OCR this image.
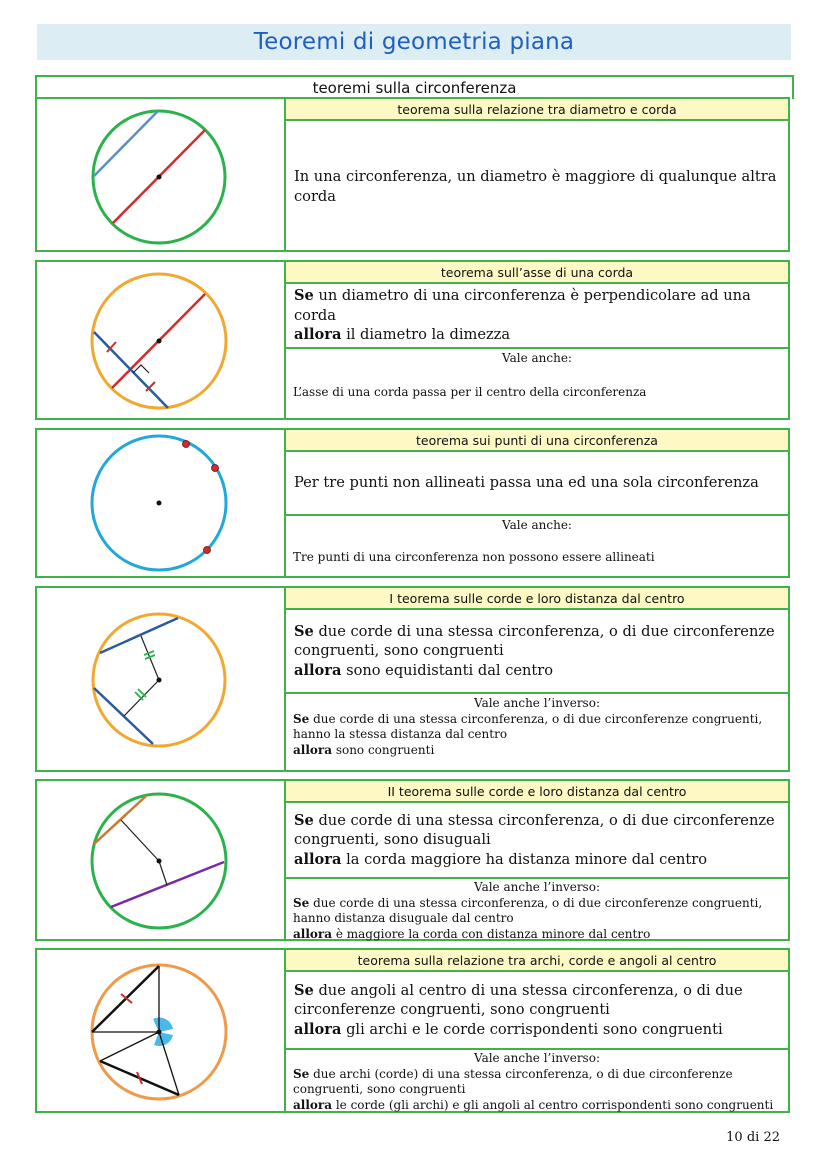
Teoremi di geometria piana
teoremi sulla circonferenza
teorema sulla relazione tra diametro e corda
In una circonferenza, un diametro è maggiore di qualunque altra corda
teorema sull’asse di una corda
Se un diametro di una circonferenza è perpendicolare ad una corda
allora il diametro la dimezza
Vale anche:
L’asse di una corda passa per il centro della circonferenza
teorema sui punti di una circonferenza
Per tre punti non allineati passa una ed una sola circonferenza
Vale anche:
Tre punti di una circonferenza non possono essere allineati
I teorema sulle corde e loro distanza dal centro
Se due corde di una stessa circonferenza, o di due circonferenze congruenti, sono congruenti
allora sono equidistanti dal centro
Vale anche l’inverso:
Se due corde di una stessa circonferenza, o di due circonferenze congruenti, hanno la stessa distanza dal centro
allora sono congruenti
II teorema sulle corde e loro distanza dal centro
Se due corde di una stessa circonferenza, o di due circonferenze congruenti, sono disuguali
allora la corda maggiore ha distanza minore dal centro
Vale anche l’inverso:
Se due corde di una stessa circonferenza, o di due circonferenze congruenti, hanno distanza disuguale dal centro
allora è maggiore la corda con distanza minore dal centro
teorema sulla relazione tra archi, corde e angoli al centro
Se due angoli al centro di una stessa circonferenza, o di due circonferenze congruenti, sono congruenti
allora gli archi e le corde corrispondenti sono congruenti
Vale anche l’inverso:
Se due archi (corde) di una stessa circonferenza, o di due circonferenze congruenti, sono congruenti
allora le corde (gli archi) e gli angoli al centro corrispondenti sono congruenti
10 di 22
